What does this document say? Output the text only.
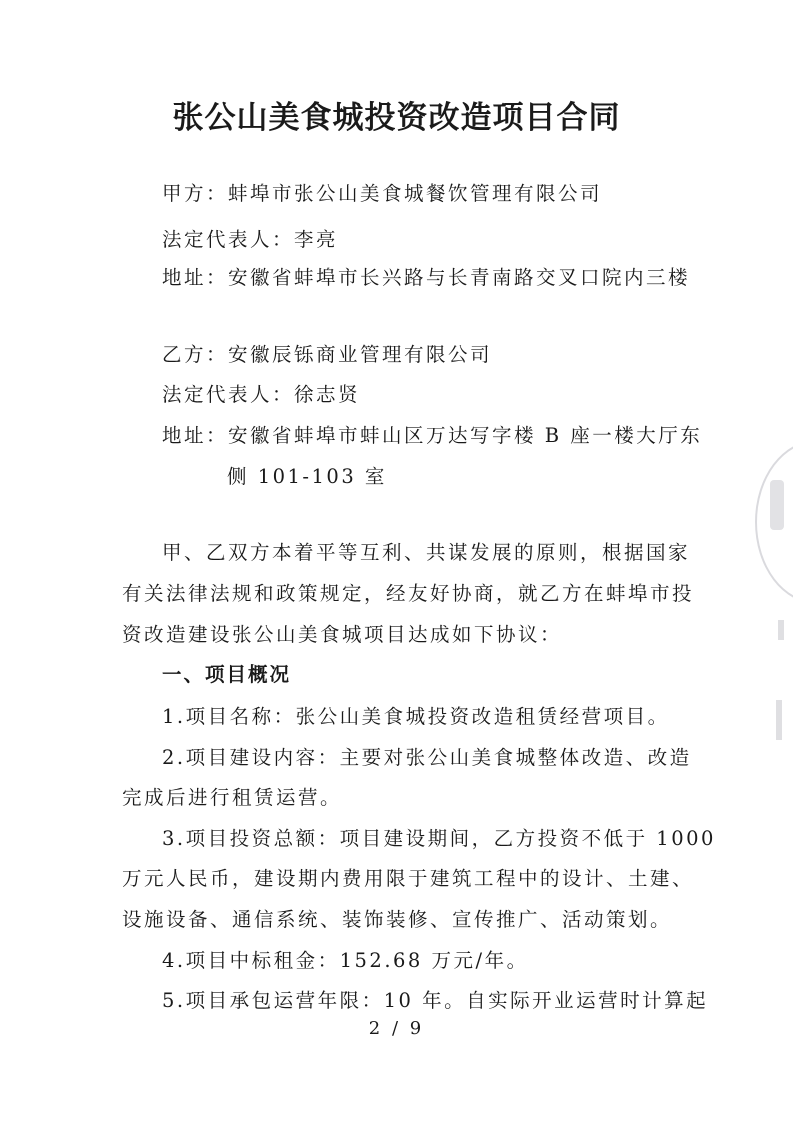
张公山美食城投资改造项目合同
甲方：蚌埠市张公山美食城餐饮管理有限公司
法定代表人：李亮
地址：安徽省蚌埠市长兴路与长青南路交叉口院内三楼
乙方：安徽辰铄商业管理有限公司
法定代表人：徐志贤
地址：安徽省蚌埠市蚌山区万达写字楼 B 座一楼大厅东
侧 101-103 室
甲、乙双方本着平等互利、共谋发展的原则，根据国家
有关法律法规和政策规定，经友好协商，就乙方在蚌埠市投
资改造建设张公山美食城项目达成如下协议：
一、项目概况
1.项目名称：张公山美食城投资改造租赁经营项目。
2.项目建设内容：主要对张公山美食城整体改造、改造
完成后进行租赁运营。
3.项目投资总额：项目建设期间，乙方投资不低于 1000
万元人民币，建设期内费用限于建筑工程中的设计、土建、
设施设备、通信系统、装饰装修、宣传推广、活动策划。
4.项目中标租金：152.68 万元/年。
5.项目承包运营年限：10 年。自实际开业运营时计算起
2 / 9
